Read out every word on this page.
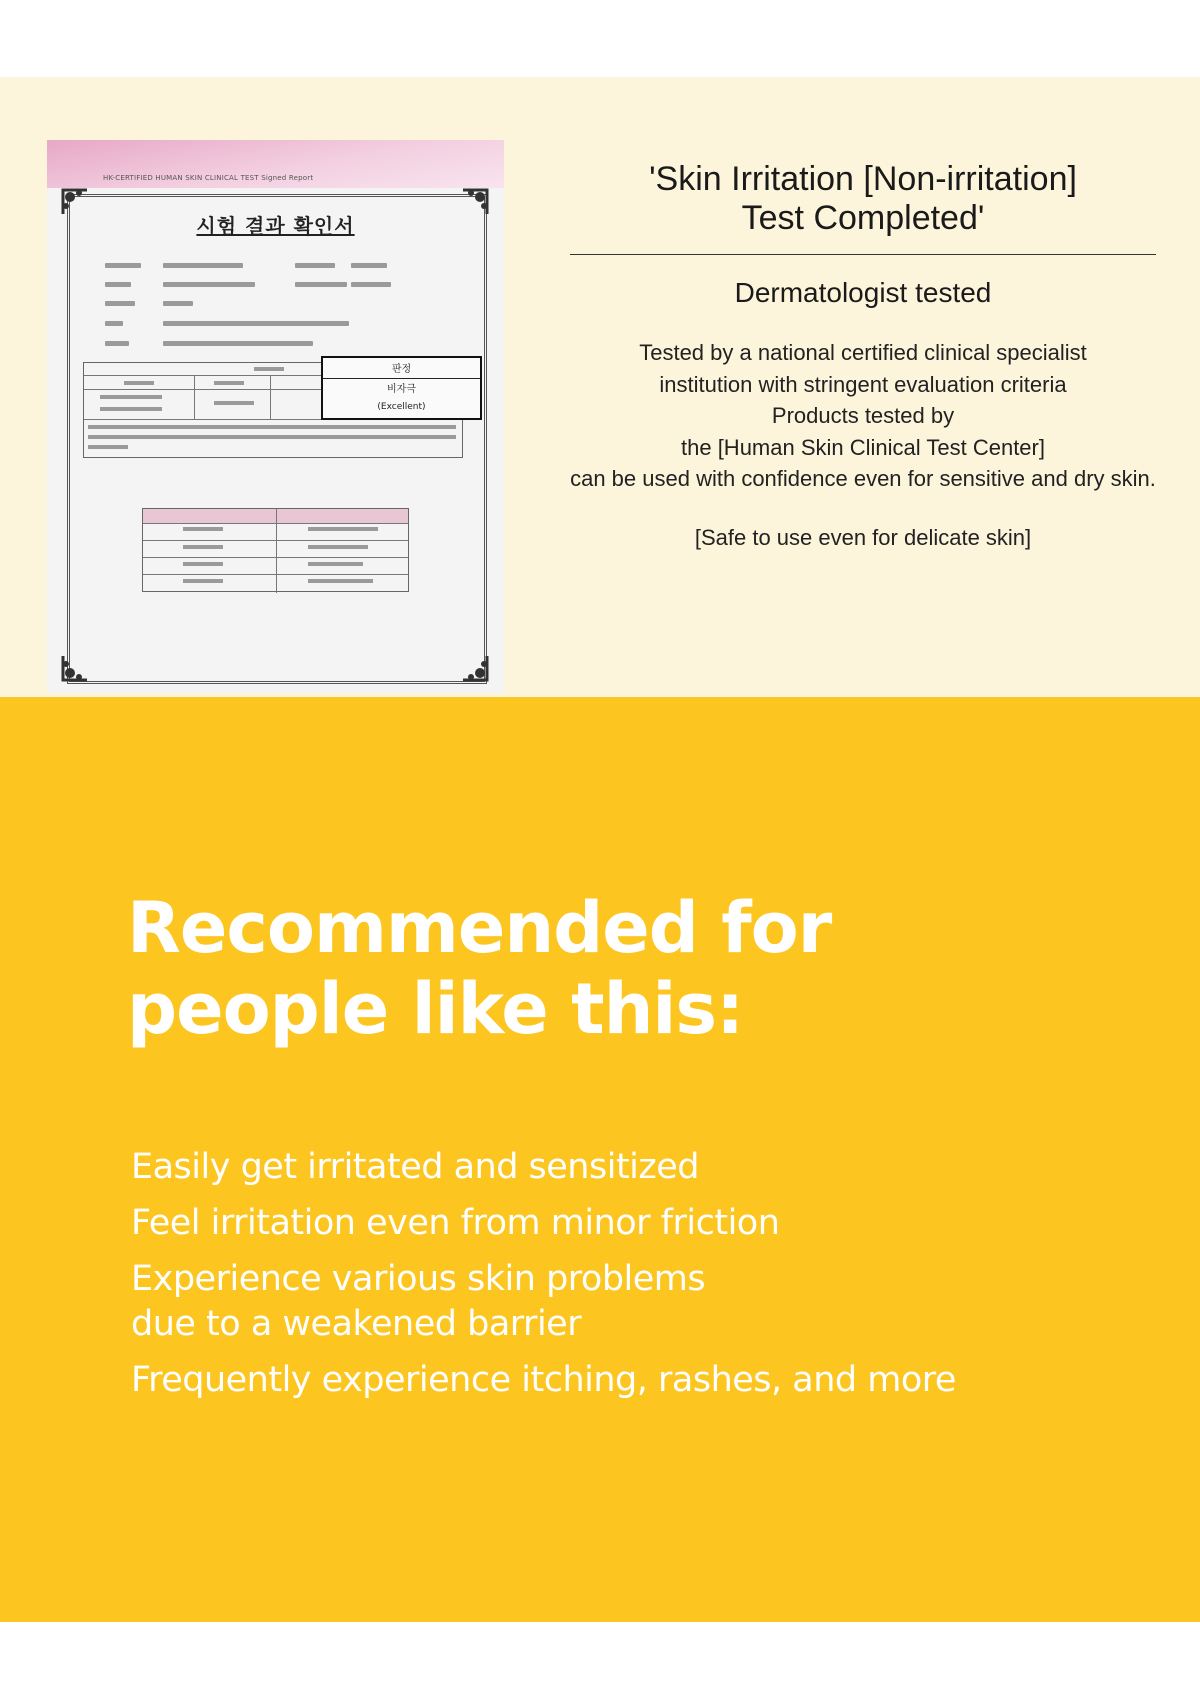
HK-CERTIFIED HUMAN SKIN CLINICAL TEST Signed Report
시험 결과 확인서
판정
비자극
(Excellent)
'Skin Irritation [Non-irritation]
Test Completed'
Dermatologist tested

Tested by a national certified clinical specialist
institution with stringent evaluation criteria
Products tested by
the [Human Skin Clinical Test Center]
can be used with confidence even for sensitive and dry skin.

[Safe to use even for delicate skin]

Recommended for
people like this:
Easily get irritated and sensitized
Feel irritation even from minor friction
Experience various skin problems
due to a weakened barrier
Frequently experience itching, rashes, and more
